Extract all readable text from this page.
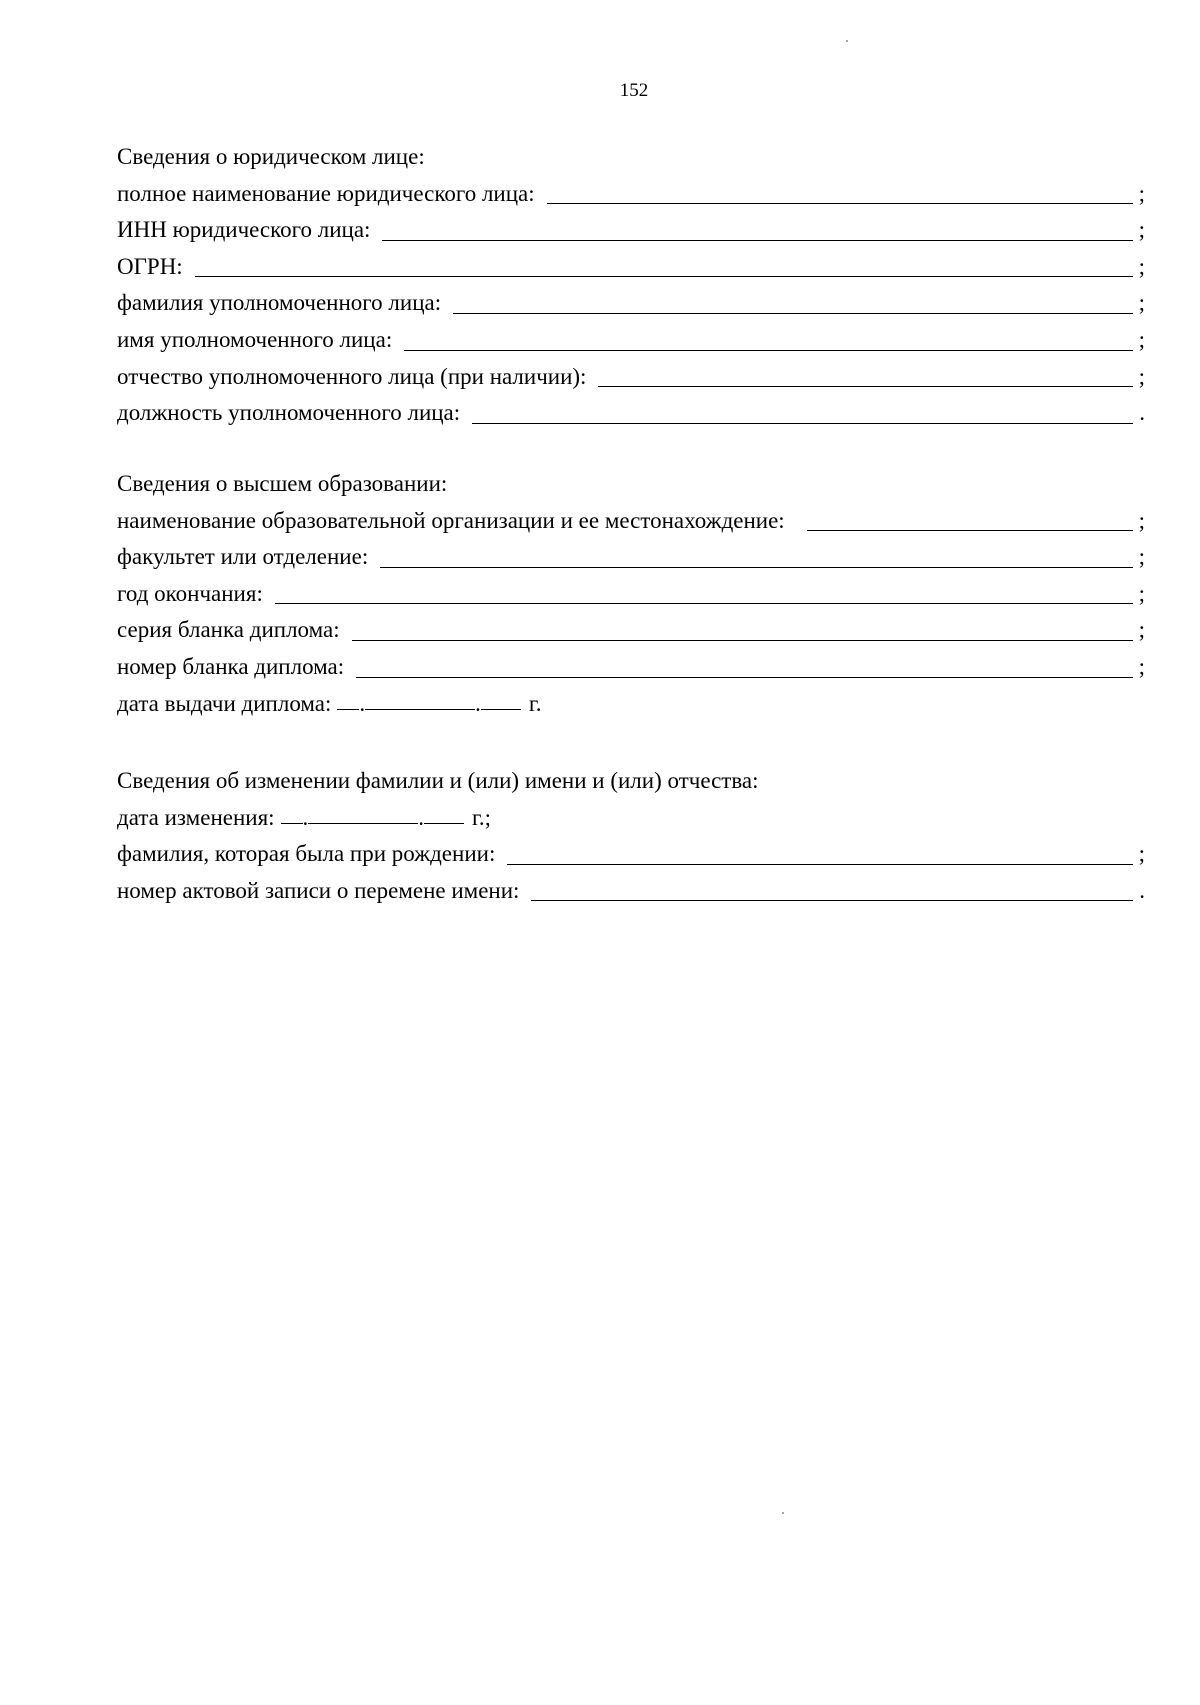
152
Сведения о юридическом лице:
полное наименование юридического лица:	;
ИНН юридического лица:	;
ОГРН:	;
фамилия уполномоченного лица:	;
имя уполномоченного лица:	;
отчество уполномоченного лица (при наличии):	;
должность уполномоченного лица:	.
Сведения о высшем образовании:
наименование образовательной организации и ее местонахождение:	;
факультет или отделение:	;
год окончания:	;
серия бланка диплома:	;
номер бланка диплома:	;
дата выдачи диплома: .	.	г.
Сведения об изменении фамилии и (или) имени и (или) отчества:
дата изменения: .	.	г.;
фамилия, которая была при рождении:	;
номер актовой записи о перемене имени:	.
